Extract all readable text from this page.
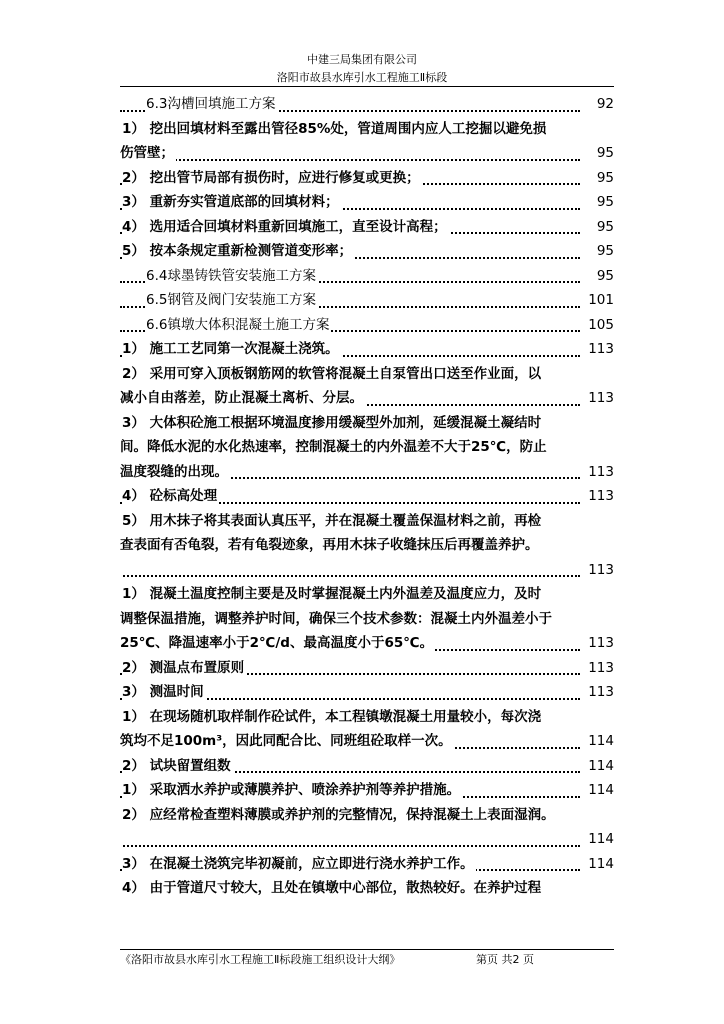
中建三局集团有限公司
洛阳市故县水库引水工程施工Ⅱ标段
6.3沟槽回填施工方案	92
1） 挖出回填材料至露出管径85%处，管道周围内应人工挖掘以避免损
伤管壁；	95
2） 挖出管节局部有损伤时，应进行修复或更换；	95
3） 重新夯实管道底部的回填材料；	95
4） 选用适合回填材料重新回填施工，直至设计高程；	95
5） 按本条规定重新检测管道变形率；	95
6.4球墨铸铁管安装施工方案	95
6.5钢管及阀门安装施工方案	101
6.6镇墩大体积混凝土施工方案	105
1） 施工工艺同第一次混凝土浇筑。	113
2） 采用可穿入顶板钢筋网的软管将混凝土自泵管出口送至作业面，以
减小自由落差，防止混凝土离析、分层。	113
3） 大体积砼施工根据环境温度掺用缓凝型外加剂，延缓混凝土凝结时
间。降低水泥的水化热速率，控制混凝土的内外温差不大于25℃，防止
温度裂缝的出现。	113
4） 砼标高处理	113
5） 用木抹子将其表面认真压平，并在混凝土覆盖保温材料之前，再检
查表面有否龟裂，若有龟裂迹象，再用木抹子收缝抹压后再覆盖养护。
113
1） 混凝土温度控制主要是及时掌握混凝土内外温差及温度应力，及时
调整保温措施，调整养护时间，确保三个技术参数：混凝土内外温差小于
25℃、降温速率小于2℃/d、最高温度小于65℃。	113
2） 测温点布置原则	113
3） 测温时间	113
1） 在现场随机取样制作砼试件，本工程镇墩混凝土用量较小，每次浇
筑均不足100m³，因此同配合比、同班组砼取样一次。	114
2） 试块留置组数	114
1） 采取洒水养护或薄膜养护、喷涂养护剂等养护措施。	114
2） 应经常检查塑料薄膜或养护剂的完整情况，保持混凝土上表面湿润。
114
3） 在混凝土浇筑完毕初凝前，应立即进行浇水养护工作。	114
4） 由于管道尺寸较大，且处在镇墩中心部位，散热较好。在养护过程
《洛阳市故县水库引水工程施工Ⅱ标段施工组织设计大纲》	第页 共2 页
